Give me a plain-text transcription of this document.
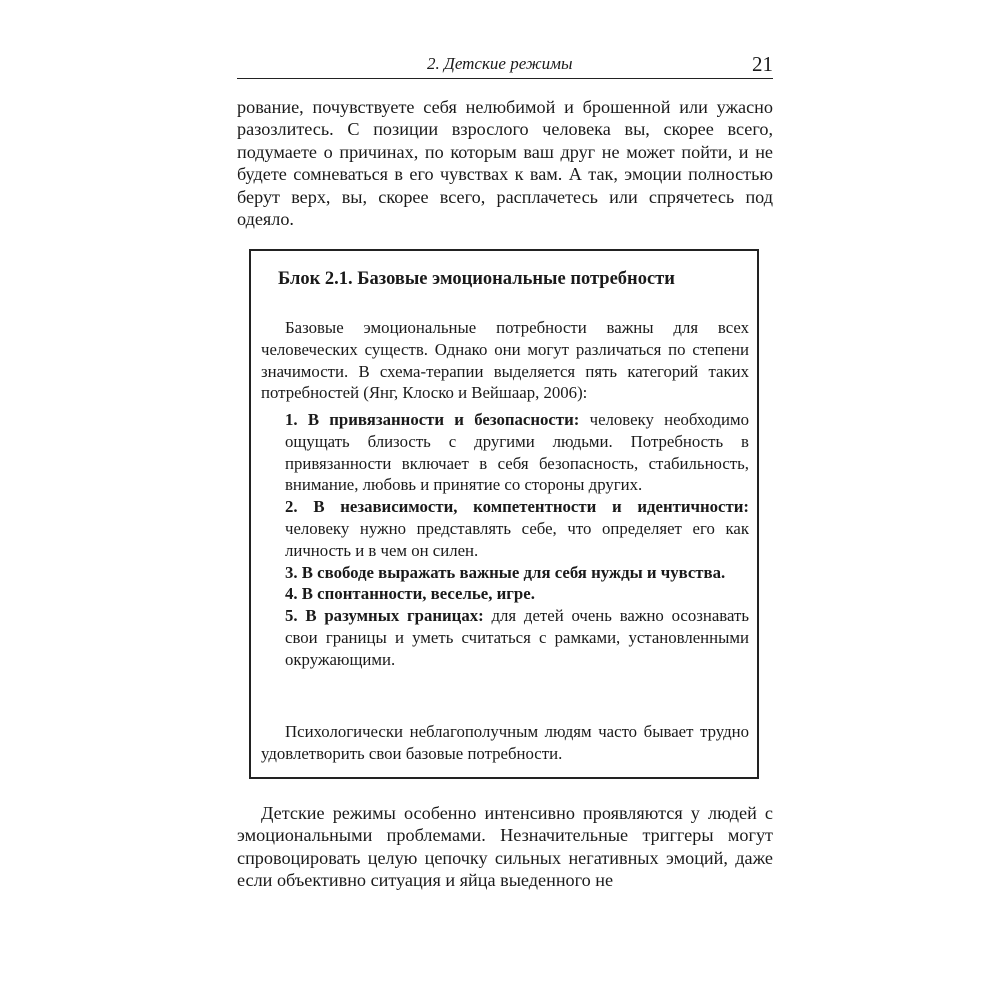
2. Детские режимы	21

рование, почувствуете себя нелюбимой и брошенной или ужасно разозлитесь. С позиции взрослого человека вы, скорее всего, подумаете о причинах, по которым ваш друг не может пойти, и не будете сомневаться в его чувствах к вам. А так, эмоции полностью берут верх, вы, скорее всего, расплачетесь или спрячетесь под одеяло.

Блок 2.1. Базовые эмоциональные потребности

Базовые эмоциональные потребности важны для всех человеческих существ. Однако они могут различаться по степени значимости. В схема-терапии выделяется пять категорий таких потребностей (Янг, Клоско и Вейшаар, 2006):

1. В привязанности и безопасности: человеку необходимо ощущать близость с другими людьми. Потребность в привязанности включает в себя безопасность, стабильность, внимание, любовь и принятие со стороны других.
2. В независимости, компетентности и идентичности: человеку нужно представлять себе, что определяет его как личность и в чем он силен.
3. В свободе выражать важные для себя нужды и чувства.
4. В спонтанности, веселье, игре.
5. В разумных границах: для детей очень важно осознавать свои границы и уметь считаться с рамками, установленными окружающими.

Психологически неблагополучным людям часто бывает трудно удовлетворить свои базовые потребности.

Детские режимы особенно интенсивно проявляются у людей с эмоциональными проблемами. Незначительные триггеры могут спровоцировать целую цепочку сильных негативных эмоций, даже если объективно ситуация и яйца выеденного не
